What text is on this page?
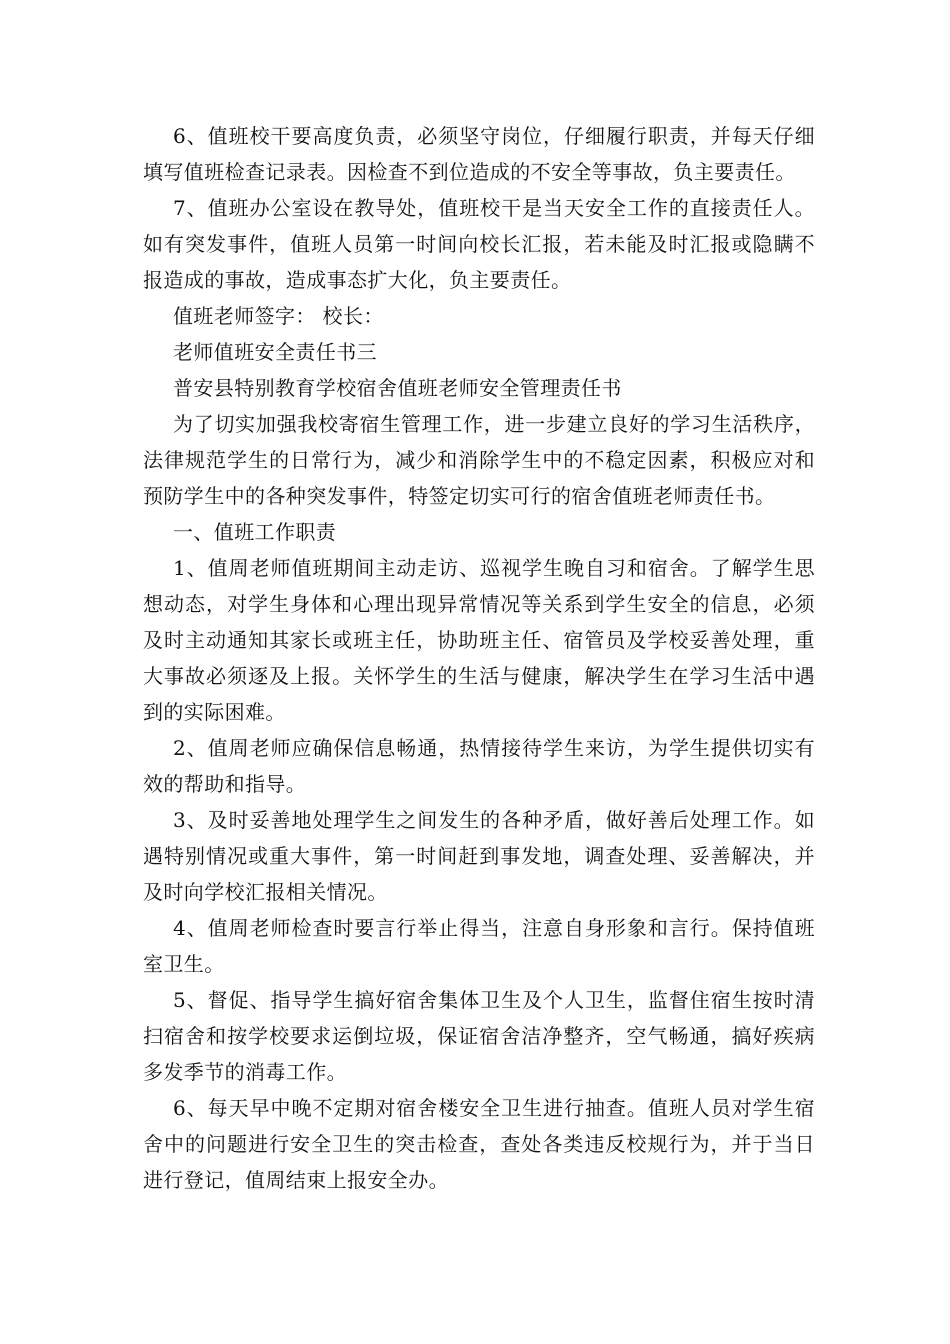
6、值班校干要高度负责，必须坚守岗位，仔细履行职责，并每天仔细填写值班检查记录表。因检查不到位造成的不安全等事故，负主要责任。

7、值班办公室设在教导处，值班校干是当天安全工作的直接责任人。如有突发事件，值班人员第一时间向校长汇报，若未能及时汇报或隐瞒不报造成的事故，造成事态扩大化，负主要责任。

值班老师签字： 校长：

老师值班安全责任书三

普安县特别教育学校宿舍值班老师安全管理责任书

为了切实加强我校寄宿生管理工作，进一步建立良好的学习生活秩序，法律规范学生的日常行为，减少和消除学生中的不稳定因素，积极应对和预防学生中的各种突发事件，特签定切实可行的宿舍值班老师责任书。

一、值班工作职责

1、值周老师值班期间主动走访、巡视学生晚自习和宿舍。了解学生思想动态，对学生身体和心理出现异常情况等关系到学生安全的信息，必须及时主动通知其家长或班主任，协助班主任、宿管员及学校妥善处理，重大事故必须逐及上报。关怀学生的生活与健康，解决学生在学习生活中遇到的实际困难。

2、值周老师应确保信息畅通，热情接待学生来访，为学生提供切实有效的帮助和指导。

3、及时妥善地处理学生之间发生的各种矛盾，做好善后处理工作。如遇特别情况或重大事件，第一时间赶到事发地，调查处理、妥善解决，并及时向学校汇报相关情况。

4、值周老师检查时要言行举止得当，注意自身形象和言行。保持值班室卫生。

5、督促、指导学生搞好宿舍集体卫生及个人卫生，监督住宿生按时清扫宿舍和按学校要求运倒垃圾，保证宿舍洁净整齐，空气畅通，搞好疾病多发季节的消毒工作。

6、每天早中晚不定期对宿舍楼安全卫生进行抽查。值班人员对学生宿舍中的问题进行安全卫生的突击检查，查处各类违反校规行为，并于当日进行登记，值周结束上报安全办。
